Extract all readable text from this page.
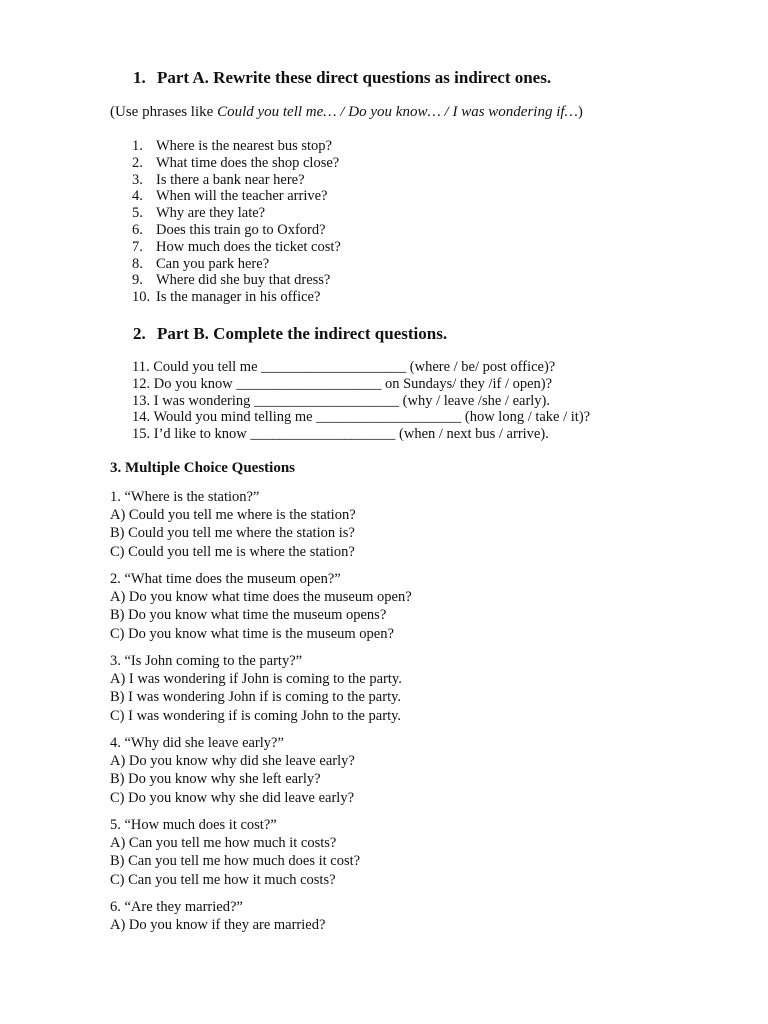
1. Part A. Rewrite these direct questions as indirect ones.
(Use phrases like Could you tell me… / Do you know… / I was wondering if…)
1. Where is the nearest bus stop?
2. What time does the shop close?
3. Is there a bank near here?
4. When will the teacher arrive?
5. Why are they late?
6. Does this train go to Oxford?
7. How much does the ticket cost?
8. Can you park here?
9. Where did she buy that dress?
10. Is the manager in his office?
2. Part B. Complete the indirect questions.
11. Could you tell me ____________________ (where / be/ post office)?
12. Do you know ____________________ on Sundays/ they /if / open)?
13. I was wondering ____________________ (why / leave /she / early).
14. Would you mind telling me ____________________ (how long / take / it)?
15. I’d like to know ____________________ (when / next bus / arrive).
3. Multiple Choice Questions
1. “Where is the station?”
A) Could you tell me where is the station?
B) Could you tell me where the station is?
C) Could you tell me is where the station?
2. “What time does the museum open?”
A) Do you know what time does the museum open?
B) Do you know what time the museum opens?
C) Do you know what time is the museum open?
3. “Is John coming to the party?”
A) I was wondering if John is coming to the party.
B) I was wondering John if is coming to the party.
C) I was wondering if is coming John to the party.
4. “Why did she leave early?”
A) Do you know why did she leave early?
B) Do you know why she left early?
C) Do you know why she did leave early?
5. “How much does it cost?”
A) Can you tell me how much it costs?
B) Can you tell me how much does it cost?
C) Can you tell me how it much costs?
6. “Are they married?”
A) Do you know if they are married?
